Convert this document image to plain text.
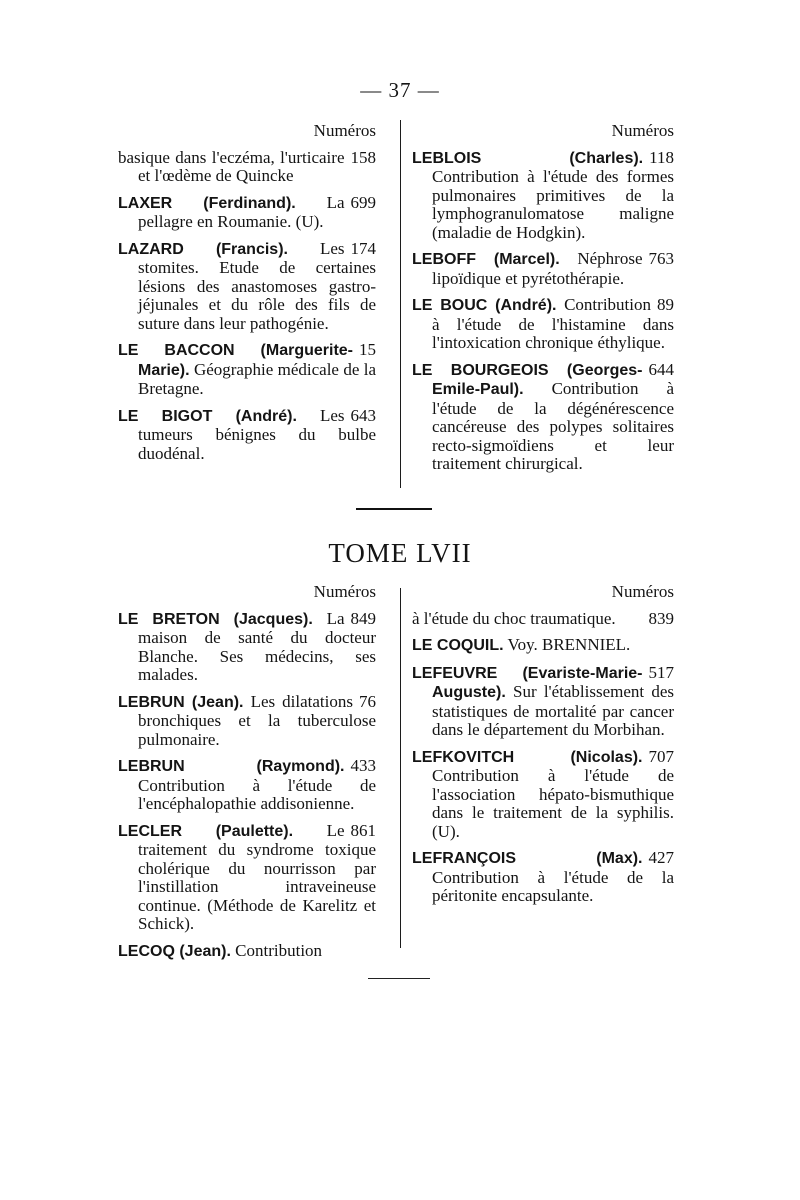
— 37 —
Numéros

158
basique dans l'eczéma, l'urticaire et l'œdème de Quincke

699
LAXER (Ferdinand). La pellagre en Roumanie. (U).

174
LAZARD (Francis). Les stomites. Etude de certaines lésions des anastomoses gastro-jéjunales et du rôle des fils de suture dans leur pathogénie.

15
LE BACCON (Marguerite-Marie). Géographie médicale de la Bretagne.

643
LE BIGOT (André). Les tumeurs bénignes du bulbe duodénal.

Numéros

118
LEBLOIS (Charles). Contribution à l'étude des formes pulmonaires primitives de la lymphogranulomatose maligne (maladie de Hodgkin).

763
LEBOFF (Marcel). Néphrose lipoïdique et pyrétothérapie.

89
LE BOUC (André). Contribution à l'étude de l'histamine dans l'intoxication chronique éthylique.

644
LE BOURGEOIS (Georges-Emile-Paul). Contribution à l'étude de la dégénérescence cancéreuse des polypes solitaires recto-sigmoïdiens et leur traitement chirurgical.

TOME LVII
Numéros

849
LE BRETON (Jacques). La maison de santé du docteur Blanche. Ses médecins, ses malades.

76
LEBRUN (Jean). Les dilatations bronchiques et la tuberculose pulmonaire.

433
LEBRUN (Raymond). Contribution à l'étude de l'encéphalopathie addisonienne.

861
LECLER (Paulette). Le traitement du syndrome toxique cholérique du nourrisson par l'instillation intraveineuse continue. (Méthode de Karelitz et Schick).

LECOQ (Jean). Contribution

Numéros

839
à l'étude du choc traumatique.

LE COQUIL. Voy. BRENNIEL.

517
LEFEUVRE (Evariste-Marie-Auguste). Sur l'établissement des statistiques de mortalité par cancer dans le département du Morbihan.

707
LEFKOVITCH (Nicolas). Contribution à l'étude de l'association hépato-bismuthique dans le traitement de la syphilis. (U).

427
LEFRANÇOIS (Max). Contribution à l'étude de la péritonite encapsulante.
